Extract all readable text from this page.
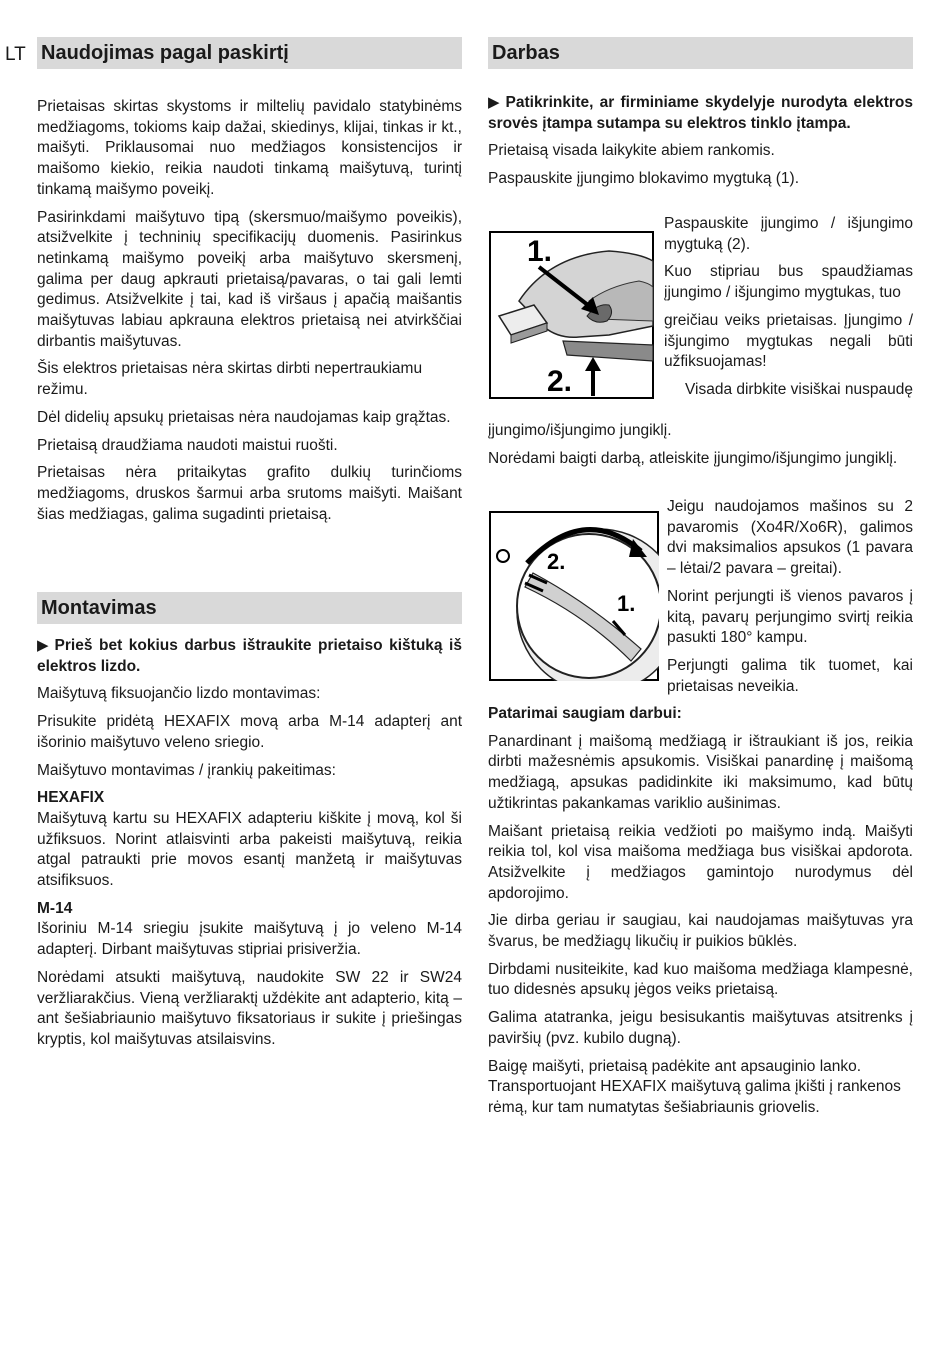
LT Naudojimas pagal paskirtį

Prietaisas skirtas skystoms ir miltelių pavidalo statybinėms medžiagoms, tokioms kaip dažai, skiedinys, klijai, tinkas ir kt., maišyti. Priklausomai nuo medžiagos konsistencijos ir maišomo kiekio, reikia naudoti tinkamą maišytuvą, turintį tinkamą maišymo poveikį.

Pasirinkdami maišytuvo tipą (skersmuo/maišymo poveikis), atsižvelkite į techninių specifikacijų duomenis. Pasirinkus netinkamą maišymo poveikį arba maišytuvo skersmenį, galima per daug apkrauti prietaisą/pavaras, o tai gali lemti gedimus. Atsižvelkite į tai, kad iš viršaus į apačią maišantis maišytuvas labiau apkrauna elektros prietaisą nei atvirkščiai dirbantis maišytuvas.

Šis elektros prietaisas nėra skirtas dirbti nepertraukiamu režimu.

Dėl didelių apsukų prietaisas nėra naudojamas kaip grąžtas.

Prietaisą draudžiama naudoti maistui ruošti.

Prietaisas nėra pritaikytas grafito dulkių turinčioms medžiagoms, druskos šarmui arba srutoms maišyti. Maišant šias medžiagas, galima sugadinti prietaisą.

Montavimas

▶ Prieš bet kokius darbus ištraukite prietaiso kištuką iš elektros lizdo.

Maišytuvą fiksuojančio lizdo montavimas:

Prisukite pridėtą HEXAFIX movą arba M-14 adapterį ant išorinio maišytuvo veleno sriegio.

Maišytuvo montavimas / įrankių pakeitimas:

HEXAFIX

Maišytuvą kartu su HEXAFIX adapteriu kiškite į movą, kol ši užfiksuos. Norint atlaisvinti arba pakeisti maišytuvą, reikia atgal patraukti prie movos esantį manžetą ir maišytuvas atsifiksuos.

M-14

Išoriniu M-14 sriegiu įsukite maišytuvą į jo veleno M-14 adapterį. Dirbant maišytuvas stipriai prisiveržia.

Norėdami atsukti maišytuvą, naudokite SW 22 ir SW24 veržliarakčius. Vieną veržliaraktį uždėkite ant adapterio, kitą – ant šešiabriaunio maišytuvo fiksatoriaus ir sukite į priešingas kryptis, kol maišytuvas atsilaisvins.

Darbas

▶ Patikrinkite, ar firminiame skydelyje nurodyta elektros srovės įtampa sutampa su elektros tinklo įtampa.

Prietaisą visada laikykite abiem rankomis.

Paspauskite įjungimo blokavimo mygtuką (1).

1.
2.

Paspauskite įjungimo / išjungimo mygtuką (2).

Kuo stipriau bus spaudžiamas įjungimo / išjungimo mygtukas, tuo

greičiau veiks prietaisas. Įjungimo / išjungimo mygtukas negali būti užfiksuojamas!

Visada dirbkite visiškai nuspaudę

įjungimo/išjungimo jungiklį.

Norėdami baigti darbą, atleiskite įjungimo/išjungimo jungiklį.

2.
1.

Jeigu naudojamos mašinos su 2 pavaromis (Xo4R/Xo6R), galimos dvi maksimalios apsukos (1 pavara – lėtai/2 pavara – greitai).

Norint perjungti iš vienos pavaros į kitą, pavarų perjungimo svirtį reikia pasukti 180° kampu.

Perjungti galima tik tuomet, kai prietaisas neveikia.

Patarimai saugiam darbui:

Panardinant į maišomą medžiagą ir ištraukiant iš jos, reikia dirbti mažesnėmis apsukomis. Visiškai panardinę į maišomą medžiagą, apsukas padidinkite iki maksimumo, kad būtų užtikrintas pakankamas variklio aušinimas.

Maišant prietaisą reikia vedžioti po maišymo indą. Maišyti reikia tol, kol visa maišoma medžiaga bus visiškai apdorota. Atsižvelkite į medžiagos gamintojo nurodymus dėl apdorojimo.

Jie dirba geriau ir saugiau, kai naudojamas maišytuvas yra švarus, be medžiagų likučių ir puikios būklės.

Dirbdami nusiteikite, kad kuo maišoma medžiaga klampesnė, tuo didesnės apsukų jėgos veiks prietaisą.

Galima atatranka, jeigu besisukantis maišytuvas atsitrenks į paviršių (pvz. kubilo dugną).

Baigę maišyti, prietaisą padėkite ant apsauginio lanko. Transportuojant HEXAFIX maišytuvą galima įkišti į rankenos rėmą, kur tam numatytas šešiabriaunis griovelis.
